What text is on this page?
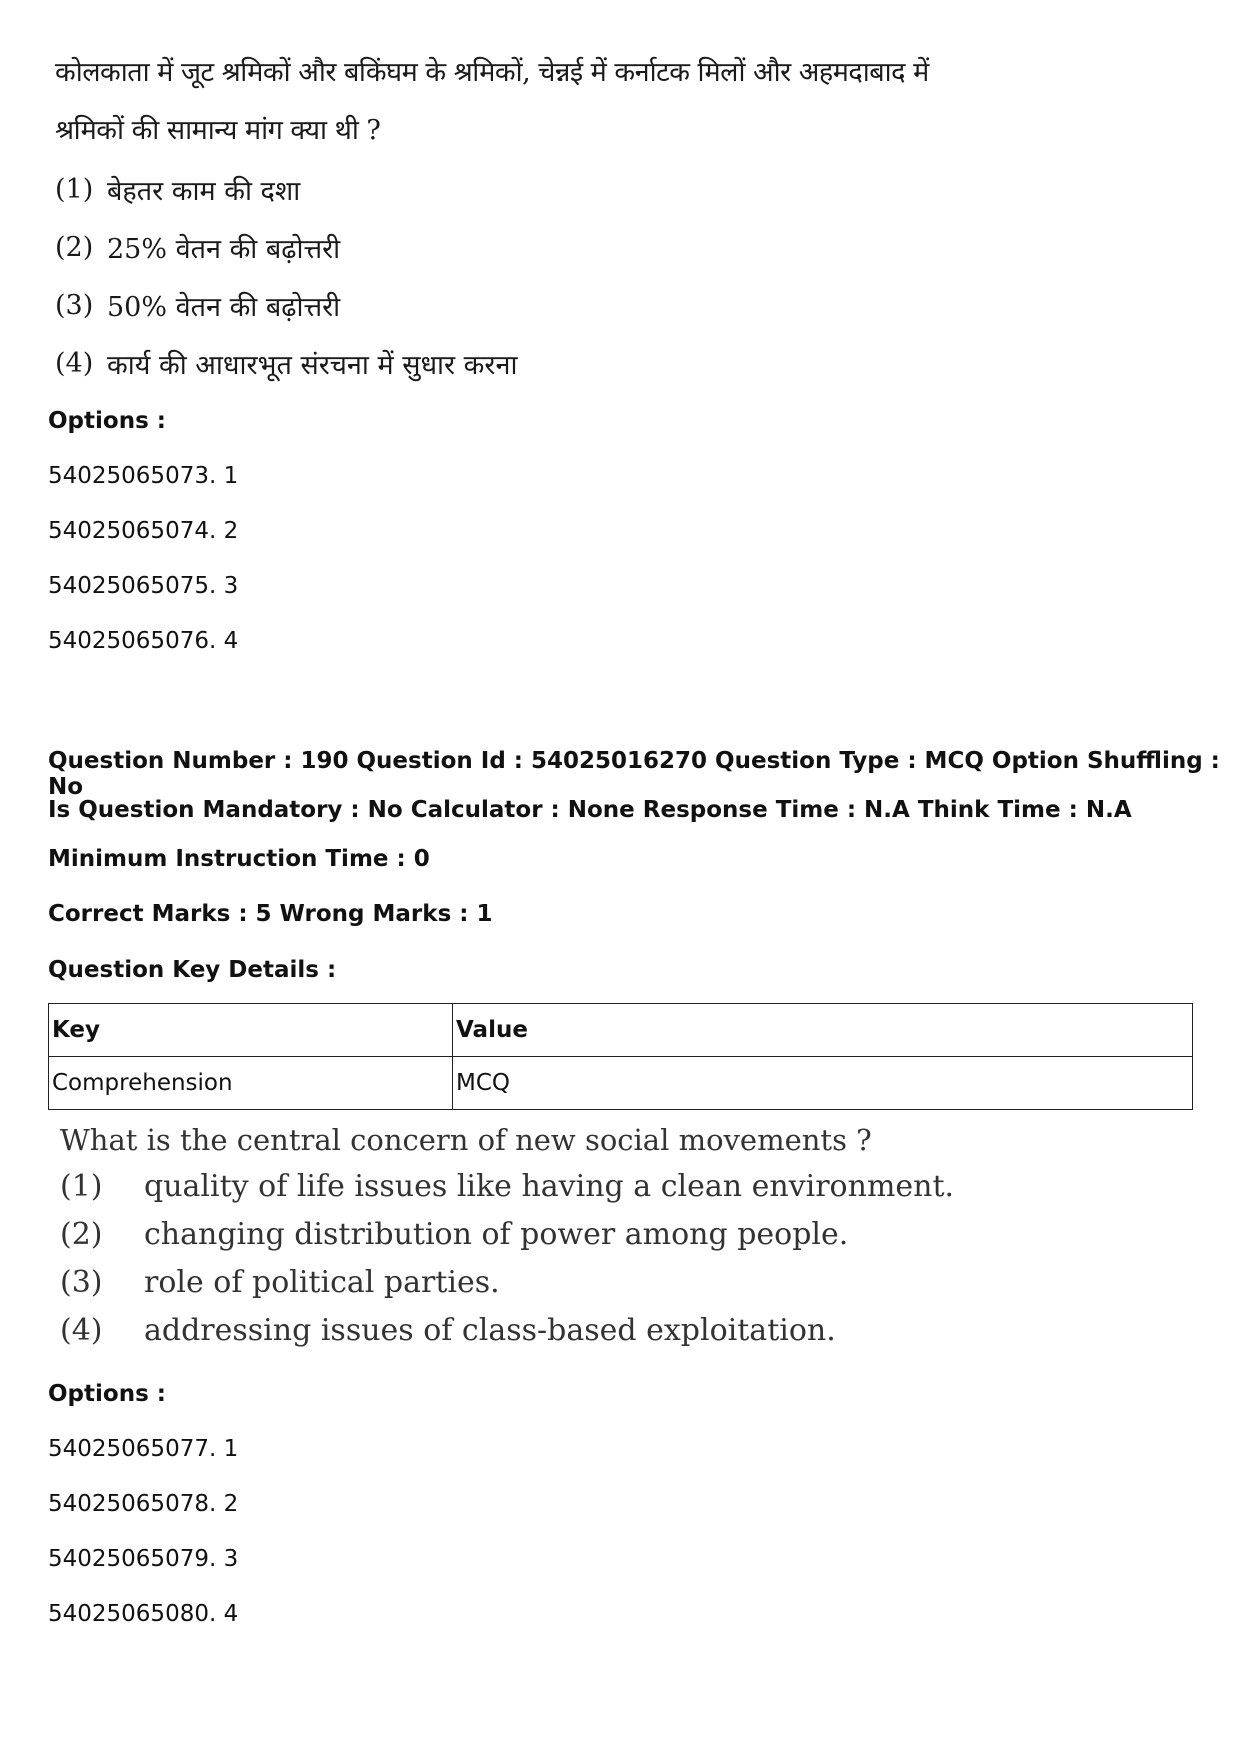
कोलकाता में जूट श्रमिकों और बकिंघम के श्रमिकों, चेन्नई में कर्नाटक मिलों और अहमदाबाद में श्रमिकों की सामान्य मांग क्या थी ?
(1) बेहतर काम की दशा
(2) 25% वेतन की बढ़ोत्तरी
(3) 50% वेतन की बढ़ोत्तरी
(4) कार्य की आधारभूत संरचना में सुधार करना
Options :
54025065073. 1
54025065074. 2
54025065075. 3
54025065076. 4
Question Number : 190 Question Id : 54025016270 Question Type : MCQ Option Shuffling : No
Is Question Mandatory : No Calculator : None Response Time : N.A Think Time : N.A
Minimum Instruction Time : 0
Correct Marks : 5 Wrong Marks : 1
Question Key Details :
Key	Value
Comprehension	MCQ
What is the central concern of new social movements ?
(1)	quality of life issues like having a clean environment.
(2)	changing distribution of power among people.
(3)	role of political parties.
(4)	addressing issues of class-based exploitation.
Options :
54025065077. 1
54025065078. 2
54025065079. 3
54025065080. 4
